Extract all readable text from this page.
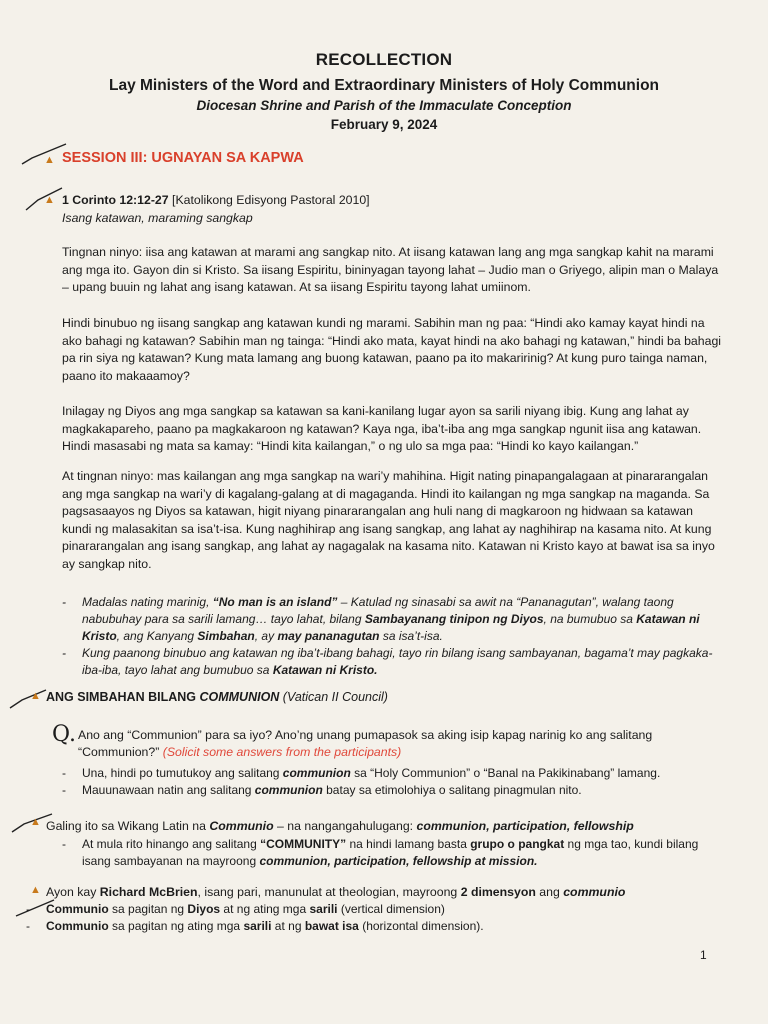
RECOLLECTION
Lay Ministers of the Word and Extraordinary Ministers of Holy Communion
Diocesan Shrine and Parish of the Immaculate Conception
February 9, 2024
▲ SESSION III: UGNAYAN SA KAPWA
▲ 1 Corinto 12:12-27 [Katolikong Edisyong Pastoral 2010]

Isang katawan, maraming sangkap

Tingnan ninyo: iisa ang katawan at marami ang sangkap nito. At iisang katawan lang ang mga sangkap kahit na marami ang mga ito. Gayon din si Kristo. Sa iisang Espiritu, bininyagan tayong lahat – Judio man o Griyego, alipin man o Malaya – upang buuin ng lahat ang isang katawan. At sa iisang Espiritu tayong lahat umiinom.
Hindi binubuo ng iisang sangkap ang katawan kundi ng marami. Sabihin man ng paa: “Hindi ako kamay kayat hindi na ako bahagi ng katawan? Sabihin man ng tainga: “Hindi ako mata, kayat hindi na ako bahagi ng katawan,” hindi ba bahagi pa rin siya ng katawan? Kung mata lamang ang buong katawan, paano pa ito makaririnig? At kung puro tainga naman, paano ito makaaamoy?
Inilagay ng Diyos ang mga sangkap sa katawan sa kani-kanilang lugar ayon sa sarili niyang ibig. Kung ang lahat ay magkakapareho, paano pa magkakaroon ng katawan? Kaya nga, iba’t-iba ang mga sangkap ngunit iisa ang katawan. Hindi masasabi ng mata sa kamay: “Hindi kita kailangan,” o ng ulo sa mga paa: “Hindi ko kayo kailangan.”
At tingnan ninyo: mas kailangan ang mga sangkap na wari’y mahihina. Higit nating pinapangalagaan at pinararangalan ang mga sangkap na wari’y di kagalang-galang at di magaganda. Hindi ito kailangan ng mga sangkap na maganda. Sa pagsasaayos ng Diyos sa katawan, higit niyang pinararangalan ang huli nang di magkaroon ng hidwaan sa katawan kundi ng malasakitan sa isa’t-isa. Kung naghihirap ang isang sangkap, ang lahat ay naghihirap na kasama nito. At kung pinararangalan ang isang sangkap, ang lahat ay nagagalak na kasama nito. Katawan ni Kristo kayo at bawat isa sa inyo ay sangkap nito.
- Madalas nating marinig, “No man is an island” – Katulad ng sinasabi sa awit na “Pananagutan”, walang taong nabubuhay para sa sarili lamang… tayo lahat, bilang Sambayanang tinipon ng Diyos, na bumubuo sa Katawan ni Kristo, ang Kanyang Simbahan, ay may pananagutan sa isa’t-isa.
- Kung paanong binubuo ang katawan ng iba’t-ibang bahagi, tayo rin bilang isang sambayanan, bagama’t may pagkaka-iba-iba, tayo lahat ang bumubuo sa Katawan ni Kristo.
▲ ANG SIMBAHAN BILANG COMMUNION (Vatican II Council)
Q. Ano ang “Communion” para sa iyo? Ano’ng unang pumapasok sa aking isip kapag narinig ko ang salitang “Communion?” (Solicit some answers from the participants)
- Una, hindi po tumutukoy ang salitang communion sa “Holy Communion” o “Banal na Pakikinabang” lamang.
- Mauunawaan natin ang salitang communion batay sa etimolohiya o salitang pinagmulan nito.
▲ Galing ito sa Wikang Latin na Communio – na nangangahulugang: communion, participation, fellowship
- At mula rito hinango ang salitang “COMMUNITY” na hindi lamang basta grupo o pangkat ng mga tao, kundi bilang isang sambayanan na mayroong communion, participation, fellowship at mission.
▲ Ayon kay Richard McBrien, isang pari, manunulat at theologian, mayroong 2 dimensyon ang communio
- Communio sa pagitan ng Diyos at ng ating mga sarili (vertical dimension)
- Communio sa pagitan ng ating mga sarili at ng bawat isa (horizontal dimension).
1
